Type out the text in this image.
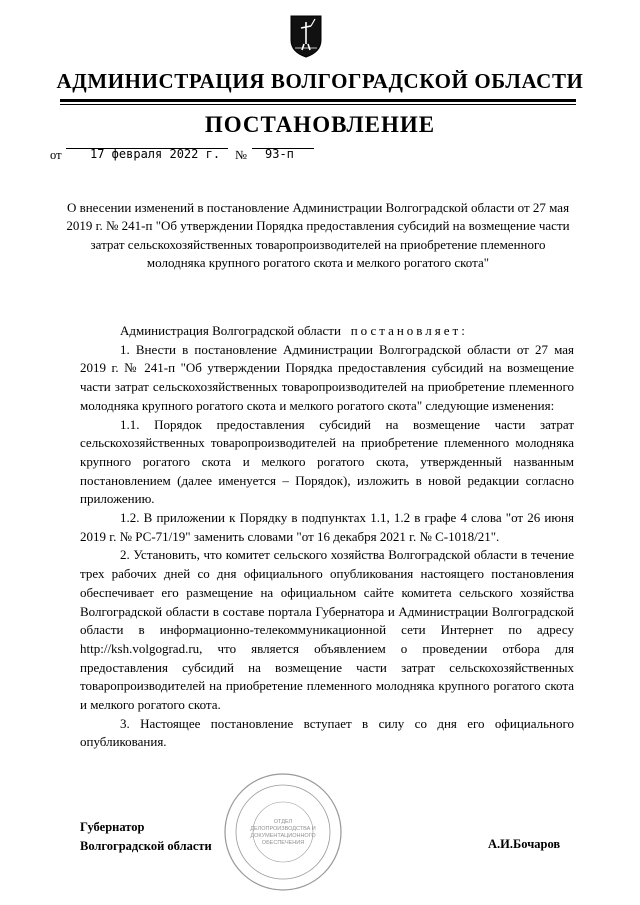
АДМИНИСТРАЦИЯ ВОЛГОГРАДСКОЙ ОБЛАСТИ
ПОСТАНОВЛЕНИЕ
от 17 февраля 2022 г. № 93-п
О внесении изменений в постановление Администрации Волгоградской области от 27 мая 2019 г. № 241-п "Об утверждении Порядка предоставления субсидий на возмещение части затрат сельскохозяйственных товаропроизводителей на приобретение племенного молодняка крупного рогатого скота и мелкого рогатого скота"

Администрация Волгоградской области постановляет:

1. Внести в постановление Администрации Волгоградской области от 27 мая 2019 г. № 241-п "Об утверждении Порядка предоставления субсидий на возмещение части затрат сельскохозяйственных товаропроизводителей на приобретение племенного молодняка крупного рогатого скота и мелкого рогатого скота" следующие изменения:

1.1. Порядок предоставления субсидий на возмещение части затрат сельскохозяйственных товаропроизводителей на приобретение племенного молодняка крупного рогатого скота и мелкого рогатого скота, утвержденный названным постановлением (далее именуется – Порядок), изложить в новой редакции согласно приложению.

1.2. В приложении к Порядку в подпунктах 1.1, 1.2 в графе 4 слова "от 26 июня 2019 г. № РС-71/19" заменить словами "от 16 декабря 2021 г. № С-1018/21".

2. Установить, что комитет сельского хозяйства Волгоградской области в течение трех рабочих дней со дня официального опубликования настоящего постановления обеспечивает его размещение на официальном сайте комитета сельского хозяйства Волгоградской области в составе портала Губернатора и Администрации Волгоградской области в информационно-телекоммуникационной сети Интернет по адресу http://ksh.volgograd.ru, что является объявлением о проведении отбора для предоставления субсидий на возмещение части затрат сельскохозяйственных товаропроизводителей на приобретение племенного молодняка крупного рогатого скота и мелкого рогатого скота.

3. Настоящее постановление вступает в силу со дня его официального опубликования.

ОТДЕЛ
ДЕЛОПРОИЗВОДСТВА И
ДОКУМЕНТАЦИОННОГО
ОБЕСПЕЧЕНИЯ
Губернатор
Волгоградской области	А.И.Бочаров
